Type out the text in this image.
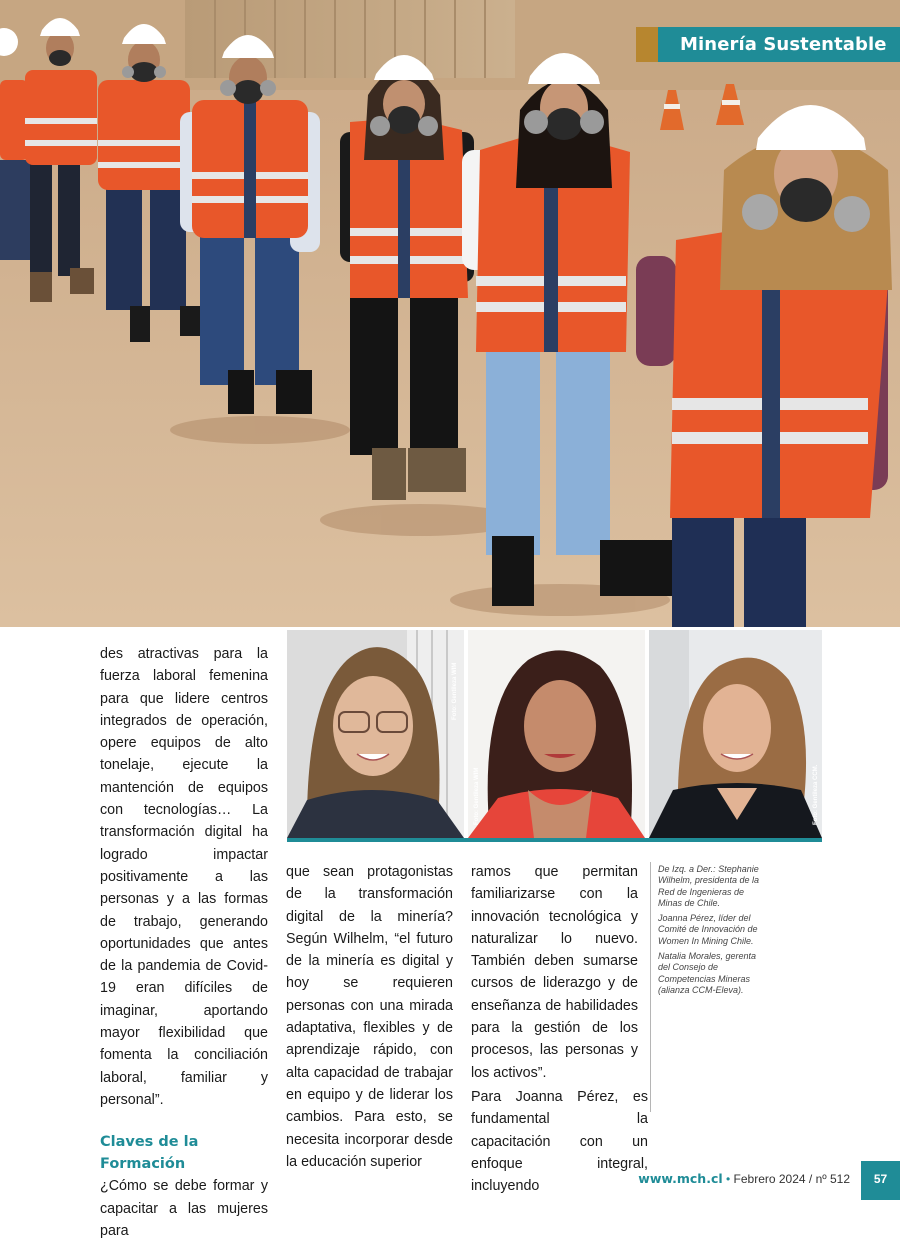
Minería Sustentable
Foto: Gentileza WIM
Foto: Gentileza WIM	Foto: Gentileza CCM.

des atractivas para la fuerza laboral femenina para que lidere centros integrados de operación, opere equipos de alto tonelaje, ejecute la mantención de equipos con tecnologías… La transformación digital ha logrado impactar positivamente a las personas y a las formas de trabajo, generando oportunidades que antes de la pandemia de Covid-19 eran difíciles de imaginar, aportando mayor flexibilidad que fomenta la conciliación laboral, familiar y personal”.

Claves de la Formación

¿Cómo se debe formar y capacitar a las mujeres para

que sean protagonistas de la transformación digital de la minería? Según Wilhelm, “el futuro de la minería es digital y hoy se requieren personas con una mirada adaptativa, flexibles y de aprendizaje rápido, con alta capacidad de trabajar en equipo y de liderar los cambios. Para esto, se necesita incorporar desde la educación superior

ramos que permitan familiarizarse con la innovación tecnológica y naturalizar lo nuevo. También deben sumarse cursos de liderazgo y de enseñanza de habilidades para la gestión de los procesos, las personas y los activos”.

Para Joanna Pérez, es fundamental la capacitación con un enfoque integral, incluyendo

De Izq. a Der.: Stephanie Wilhelm, presidenta de la Red de Ingenieras de Minas de Chile.

Joanna Pérez, líder del Comité de Innovación de Women In Mining Chile.

Natalia Morales, gerenta del Consejo de Competencias Mineras (alianza CCM-Eleva).

www.mch.cl • Febrero 2024 / nº 512	57
